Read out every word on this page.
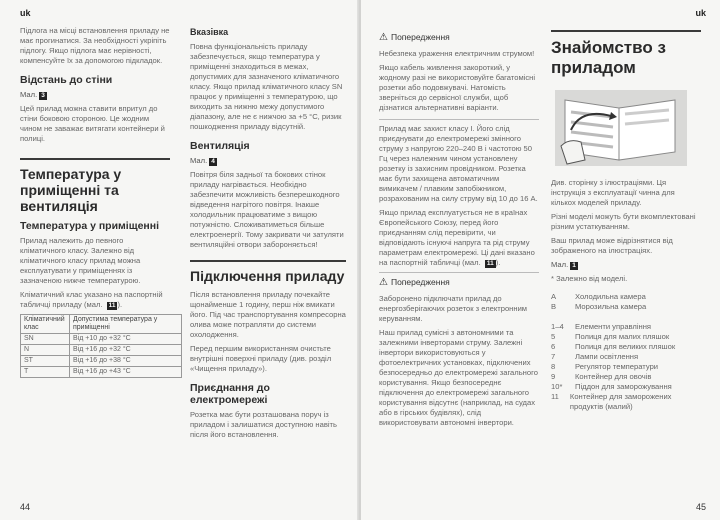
uk

Підлога на місці встановлення приладу не має прогинатися. За необхідності укріпіть підлогу. Якщо підлога має нерівності, компенсуйте їх за допомогою підкладок.

Відстань до стіни
Мал. 3

Цей прилад можна ставити впритул до стіни боковою стороною. Це жодним чином не заважає витягати контейнери й полиці.

Температура у приміщенні та вентиляція
Температура у приміщенні

Прилад належить до певного кліматичного класу. Залежно від кліматичного класу прилад можна експлуатувати у приміщеннях із зазначеною нижче температурою.

Кліматичний клас указано на паспортній табличці приладу (мал. 11 ).

Кліматичний клас	Допустима температура у приміщенні
SN	Від +10 до +32 °C
N	Від +16 до +32 °C
ST	Від +16 до +38 °C
T	Від +16 до +43 °C
Вказівка

Повна функціональність приладу забезпечується, якщо температура у приміщенні знаходиться в межах, допустимих для зазначеного кліматичного класу. Якщо прилад кліматичного класу SN працює у приміщенні з температурою, що виходить за нижню межу допустимого діапазону, але не є нижчою за +5 °C, ризик пошкодження приладу відсутній.

Вентиляція
Мал. 4

Повітря біля задньої та бокових стінок приладу нагрівається. Необхідно забезпечити можливість безперешкодного відведення нагрітого повітря. Інакше холодильник працюватиме з вищою потужністю. Сложиватиметься більше електроенергії. Тому закривати чи затуляти вентиляційні отвори забороняється!

Підключення приладу

Після встановлення приладу почекайте щонайменше 1 годину, перш ніж вмикати його. Під час транспортування компресорна олива може потрапляти до системи охолодження.

Перед першим використанням очистьте внутрішні поверхні приладу (див. розділ «Чищення приладу»).

Приєднання до електромережі

Розетка має бути розташована поруч із приладом і залишатися доступною навіть після його встановлення.

44
uk
⚠ Попередження

Небезпека ураження електричним струмом!

Якщо кабель живлення закороткий, у жодному разі не використовуйте багатомісні розетки або подовжувачі. Натомість зверніться до сервісної служби, щоб дізнатися альтернативні варіанти.

Прилад має захист класу I. Його слід приєднувати до електромережі змінного струму з напругою 220–240 В і частотою 50 Гц через належним чином установлену розетку із захисним провідником. Розетка має бути захищена автоматичним вимикачем / плавким запобіжником, розрахованим на силу струму від 10 до 16 А.

Якщо прилад експлуатується не в країнах Європейського Союзу, перед його приєднанням слід перевірити, чи відповідають існуючі напруга та рід струму параметрам електромережі. Ці дані вказано на паспортній табличці (мал. 11 ).

⚠ Попередження

Заборонено підключати прилад до енергозберігаючих розеток з електронним керуванням.

Наш прилад сумісні з автономними та залежними інверторами струму. Залежні інвертори використовуються у фотоелектричних установках, підключених безпосередньо до електромережі загального користування. Якщо безпосереднє підключення до електромережі загального користування відсутнє (наприклад, на судах або в гірських будівлях), слід використовувати автономні інвертори.

Знайомство з приладом

Див. сторінку з ілюстраціями. Ця інструкція з експлуатації чинна для кількох моделей приладу.

Різні моделі можуть бути вкомплектовані різним устаткуванням.

Ваш прилад може відрізнятися від зображеного на ілюстраціях.

Мал. 1

* Залежно від моделі.

A	Холодильна камера
B	Морозильна камера
1–4	Елементи управління
5	Полиця для малих пляшок
6	Полиця для великих пляшок
7	Лампи освітлення
8	Регулятор температури
9	Контейнер для овочів
10*	Піддон для заморожування
11	Контейнер для заморожених продуктів (малий)
45
